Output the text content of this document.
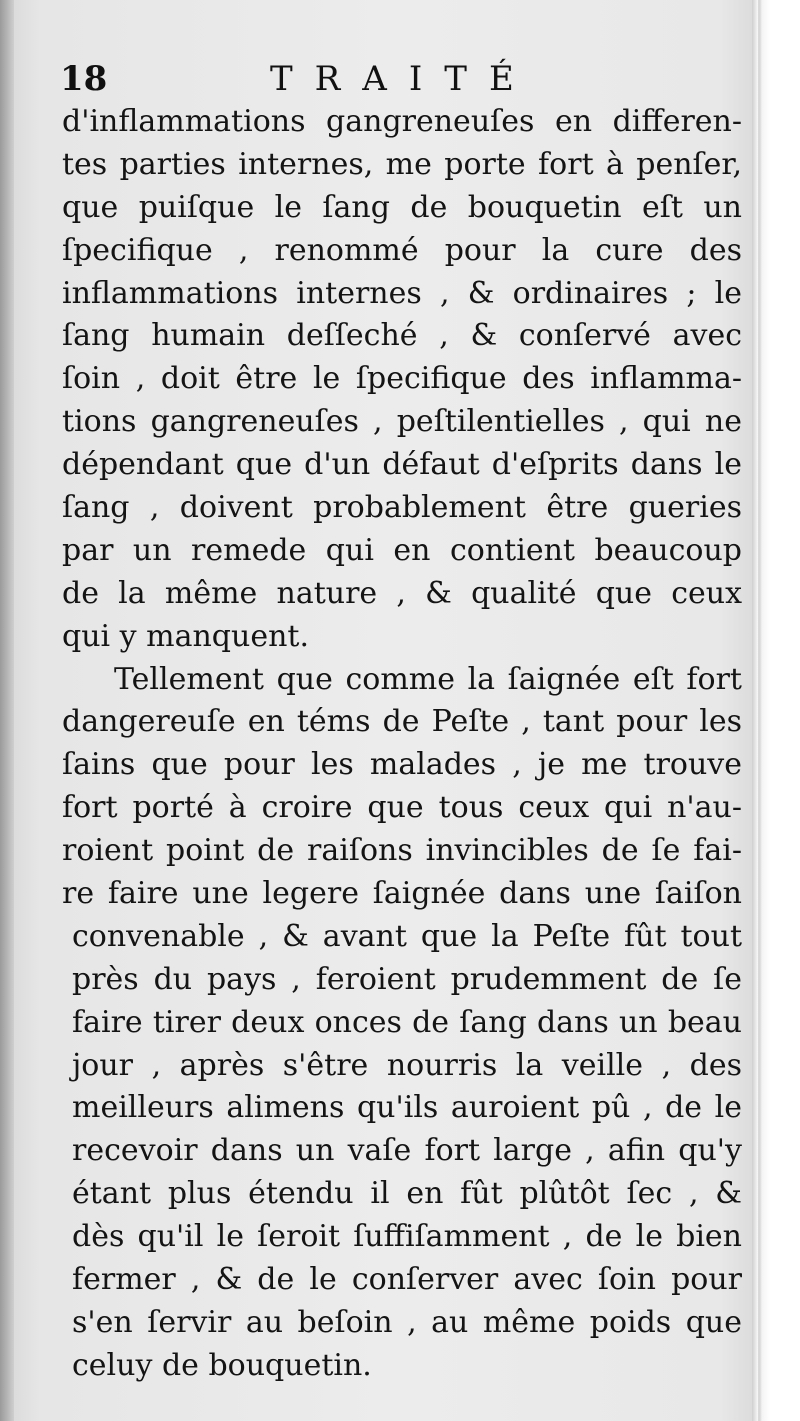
18	TRAITÉ
d'inflammations gangreneuſes en differen-
tes parties internes, me porte fort à penſer,
que puiſque le ſang de bouquetin eſt un
ſpecifique , renommé pour la cure des
inflammations internes , & ordinaires ; le
ſang humain deſſeché , & conſervé avec
ſoin , doit être le ſpecifique des inflamma-
tions gangreneuſes , peſtilentielles , qui ne
dépendant que d'un défaut d'eſprits dans le
ſang , doivent probablement être gueries
par un remede qui en contient beaucoup
de la même nature , & qualité que ceux
qui y manquent.
Tellement que comme la ſaignée eſt fort
dangereuſe en téms de Peſte , tant pour les
ſains que pour les malades , je me trouve
fort porté à croire que tous ceux qui n'au-
roient point de raiſons invincibles de ſe fai-
re faire une legere ſaignée dans une ſaiſon
convenable , & avant que la Peſte fût tout
près du pays , feroient prudemment de ſe
faire tirer deux onces de ſang dans un beau
jour , après s'être nourris la veille , des
meilleurs alimens qu'ils auroient pû , de le
recevoir dans un vaſe fort large , afin qu'y
étant plus étendu il en fût plûtôt ſec , &
dès qu'il le ſeroit ſuffiſamment , de le bien
fermer , & de le conſerver avec ſoin pour
s'en ſervir au beſoin , au même poids que
celuy de bouquetin.
